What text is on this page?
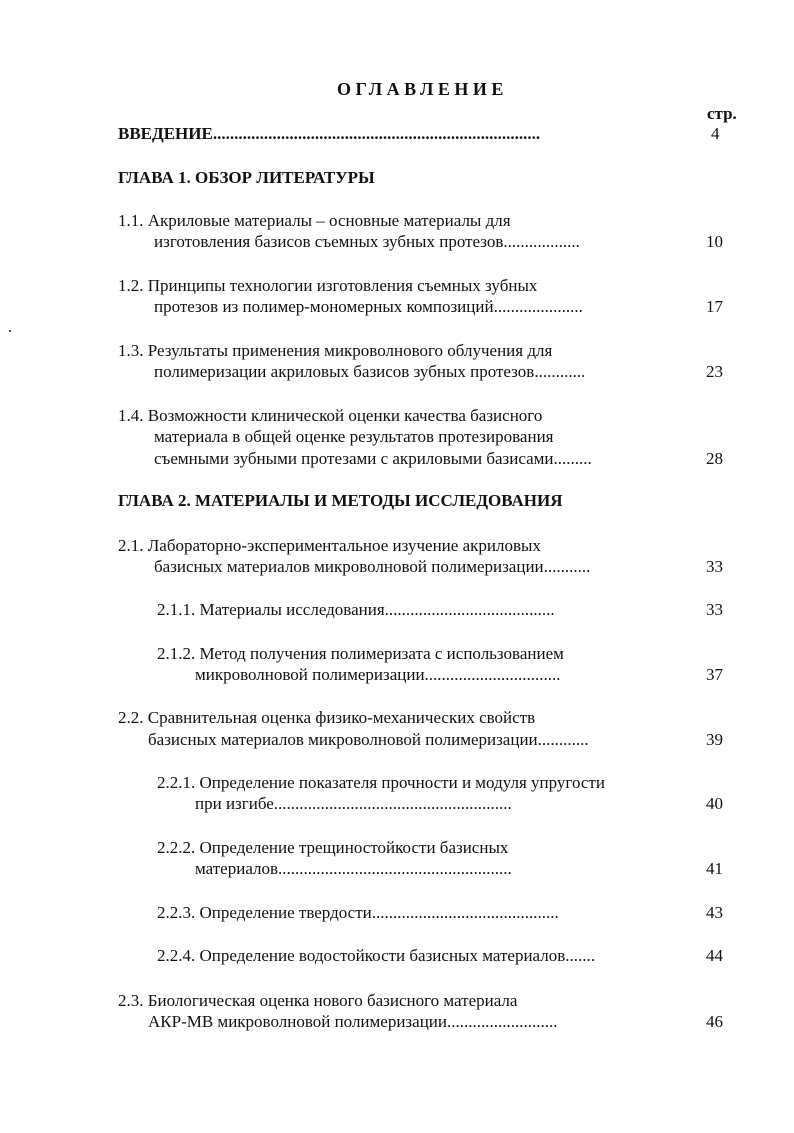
ОГЛАВЛЕНИЕ
стр.
ВВЕДЕНИЕ.............................................................................	4
ГЛАВА 1. ОБЗОР ЛИТЕРАТУРЫ
1.1. Акриловые материалы – основные материалы для
изготовления базисов съемных зубных протезов..................	10
1.2. Принципы технологии изготовления съемных зубных
протезов из полимер-мономерных композиций.....................	17
1.3. Результаты применения микроволнового облучения для
полимеризации акриловых базисов зубных протезов............	23
1.4. Возможности клинической оценки качества базисного
материала в общей оценке результатов протезирования
съемными зубными протезами с акриловыми базисами.........	28
ГЛАВА 2. МАТЕРИАЛЫ И МЕТОДЫ ИССЛЕДОВАНИЯ
2.1. Лабораторно-экспериментальное изучение акриловых
базисных материалов микроволновой полимеризации...........	33
2.1.1. Материалы исследования........................................	33
2.1.2. Метод получения полимеризата с использованием
микроволновой полимеризации................................	37
2.2. Сравнительная оценка физико-механических свойств
базисных материалов микроволновой полимеризации............	39
2.2.1. Определение показателя прочности и модуля упругости
при изгибе........................................................	40
2.2.2. Определение трещиностойкости базисных
материалов.......................................................	41
2.2.3. Определение твердости............................................	43
2.2.4. Определение водостойкости базисных материалов.......	44
2.3. Биологическая оценка нового базисного материала
АКР-МВ микроволновой полимеризации..........................	46
